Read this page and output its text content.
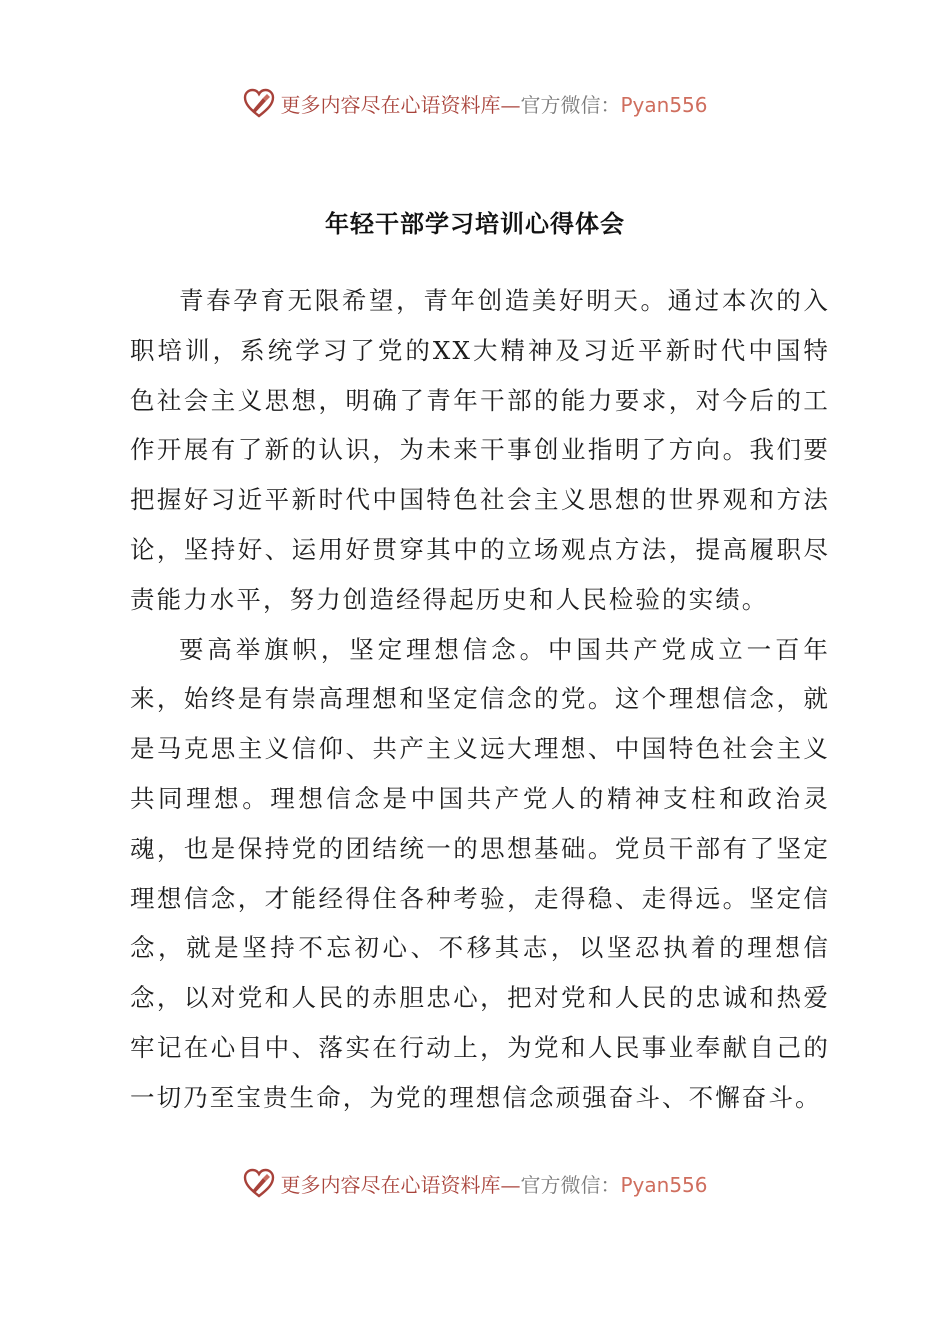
更多内容尽在心语资料库—官方微信：Pyan556
年轻干部学习培训心得体会

青春孕育无限希望，青年创造美好明天。通过本次的入职培训，系统学习了党的XX大精神及习近平新时代中国特色社会主义思想，明确了青年干部的能力要求，对今后的工作开展有了新的认识，为未来干事创业指明了方向。我们要把握好习近平新时代中国特色社会主义思想的世界观和方法论，坚持好、运用好贯穿其中的立场观点方法，提高履职尽责能力水平，努力创造经得起历史和人民检验的实绩。

要高举旗帜，坚定理想信念。中国共产党成立一百年来，始终是有崇高理想和坚定信念的党。这个理想信念，就是马克思主义信仰、共产主义远大理想、中国特色社会主义共同理想。理想信念是中国共产党人的精神支柱和政治灵魂，也是保持党的团结统一的思想基础。党员干部有了坚定理想信念，才能经得住各种考验，走得稳、走得远。坚定信念，就是坚持不忘初心、不移其志，以坚忍执着的理想信念，以对党和人民的赤胆忠心，把对党和人民的忠诚和热爱牢记在心目中、落实在行动上，为党和人民事业奉献自己的一切乃至宝贵生命，为党的理想信念顽强奋斗、不懈奋斗。

更多内容尽在心语资料库—官方微信：Pyan556
